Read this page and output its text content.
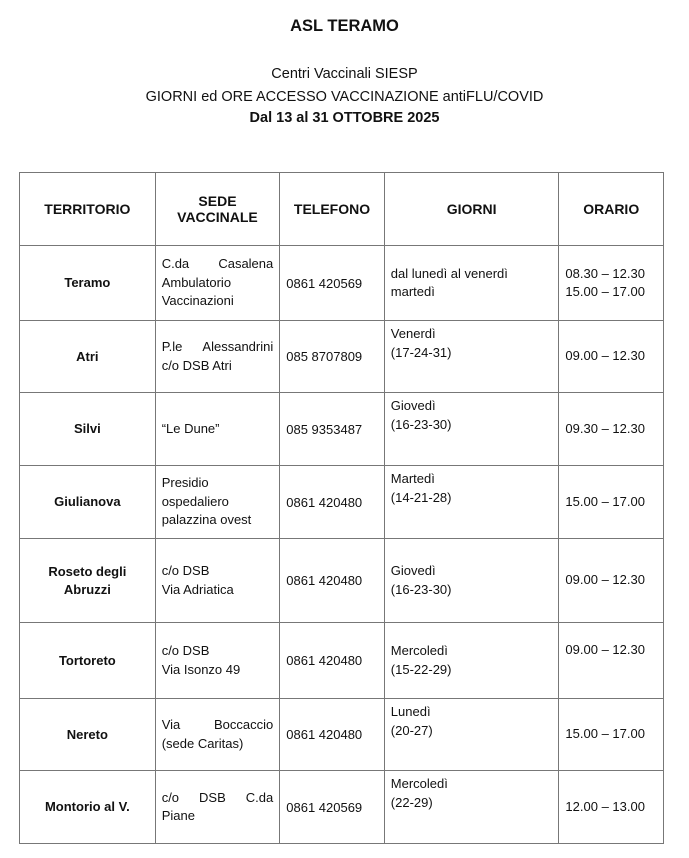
ASL TERAMO
Centri Vaccinali SIESP
GIORNI ed ORE ACCESSO VACCINAZIONE antiFLU/COVID
Dal 13 al 31 OTTOBRE 2025
TERRITORIO	SEDE VACCINALE	TELEFONO	GIORNI	ORARIO
Teramo	C.da Casalena
Ambulatorio
Vaccinazioni	0861 420569	dal lunedì al venerdì
martedì	08.30 – 12.30
15.00 – 17.00

Atri	P.le Alessandrini
c/o DSB Atri	085 8707809	Venerdì
(17-24-31)	09.00 – 12.30

Silvi	“Le Dune”	085 9353487	Giovedì
(16-23-30)	09.30 – 12.30

Giulianova	Presidio
ospedaliero
palazzina ovest	0861 420480	Martedì
(14-21-28)	15.00 – 17.00

Roseto degli Abruzzi	c/o DSB
Via Adriatica	0861 420480	Giovedì
(16-23-30)	09.00 – 12.30

Tortoreto	c/o DSB
Via Isonzo 49	0861 420480	Mercoledì
(15-22-29)	09.00 – 12.30

Nereto	Via Boccaccio
(sede Caritas)	0861 420480	Lunedì
(20-27)	15.00 – 17.00

Montorio al V.	c/o DSB C.da
Piane	0861 420569	Mercoledì
(22-29)	12.00 – 13.00
